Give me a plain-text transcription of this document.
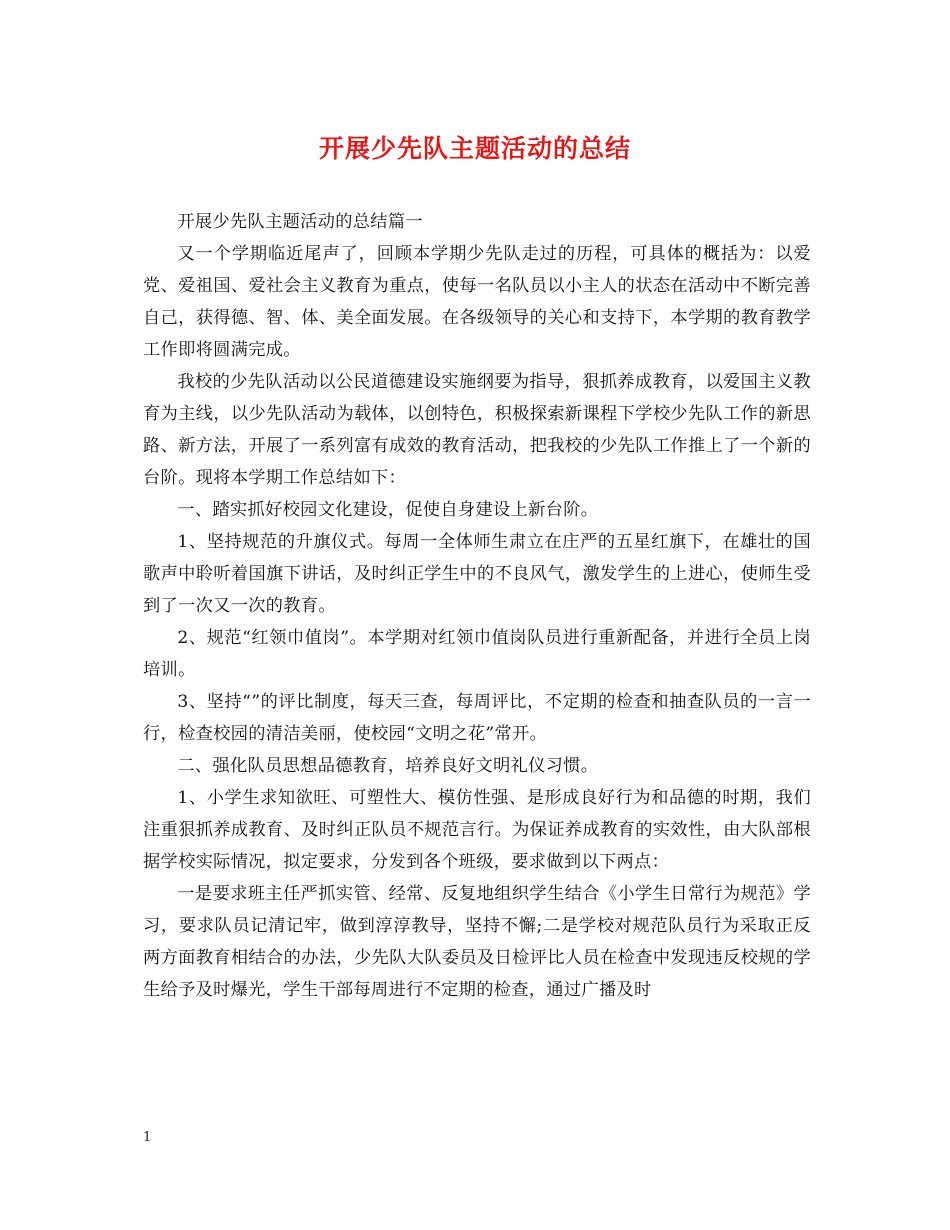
开展少先队主题活动的总结

开展少先队主题活动的总结篇一

又一个学期临近尾声了，回顾本学期少先队走过的历程，可具体的概括为：以爱党、爱祖国、爱社会主义教育为重点，使每一名队员以小主人的状态在活动中不断完善自己，获得德、智、体、美全面发展。在各级领导的关心和支持下，本学期的教育教学工作即将圆满完成。

我校的少先队活动以公民道德建设实施纲要为指导，狠抓养成教育，以爱国主义教育为主线，以少先队活动为载体，以创特色，积极探索新课程下学校少先队工作的新思路、新方法，开展了一系列富有成效的教育活动，把我校的少先队工作推上了一个新的台阶。现将本学期工作总结如下：

一、踏实抓好校园文化建设，促使自身建设上新台阶。

1、坚持规范的升旗仪式。每周一全体师生肃立在庄严的五星红旗下，在雄壮的国歌声中聆听着国旗下讲话，及时纠正学生中的不良风气，激发学生的上进心，使师生受到了一次又一次的教育。

2、规范“红领巾值岗”。本学期对红领巾值岗队员进行重新配备，并进行全员上岗培训。

3、坚持“”的评比制度，每天三查，每周评比，不定期的检查和抽查队员的一言一行，检查校园的清洁美丽，使校园“文明之花”常开。

二、强化队员思想品德教育，培养良好文明礼仪习惯。

1、小学生求知欲旺、可塑性大、模仿性强、是形成良好行为和品德的时期，我们注重狠抓养成教育、及时纠正队员不规范言行。为保证养成教育的实效性，由大队部根据学校实际情况，拟定要求，分发到各个班级，要求做到以下两点：

一是要求班主任严抓实管、经常、反复地组织学生结合《小学生日常行为规范》学习，要求队员记清记牢，做到淳淳教导，坚持不懈;二是学校对规范队员行为采取正反两方面教育相结合的办法，少先队大队委员及日检评比人员在检查中发现违反校规的学生给予及时爆光，学生干部每周进行不定期的检查，通过广播及时

1
